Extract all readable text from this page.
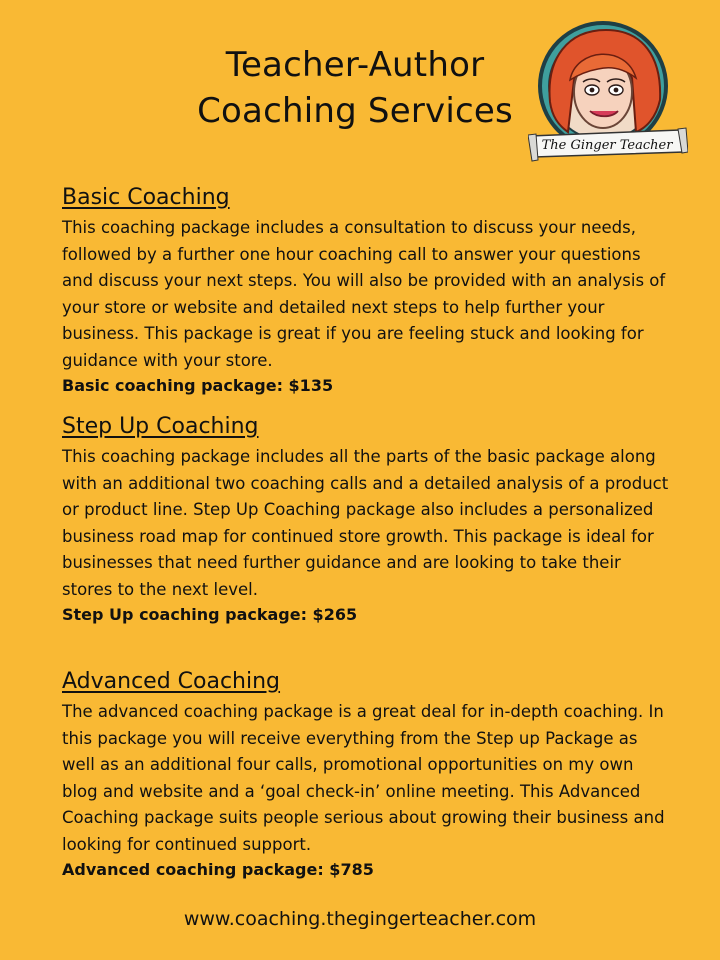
Teacher-Author
Coaching Services
The Ginger Teacher
Basic Coaching

This coaching package includes a consultation to discuss your needs, followed by a further one hour coaching call to answer your questions and discuss your next steps. You will also be provided with an analysis of your store or website and detailed next steps to help further your business. This package is great if you are feeling stuck and looking for guidance with your store.

Basic coaching package: $135

Step Up Coaching

This coaching package includes all the parts of the basic package along with an additional two coaching calls and a detailed analysis of a product or product line. Step Up Coaching package also includes a personalized business road map for continued store growth. This package is ideal for businesses that need further guidance and are looking to take their stores to the next level.

Step Up coaching package: $265

Advanced Coaching

The advanced coaching package is a great deal for in-depth coaching. In this package you will receive everything from the Step up Package as well as an additional four calls, promotional opportunities on my own blog and website and a ‘goal check-in’ online meeting. This Advanced Coaching package suits people serious about growing their business and looking for continued support.

Advanced coaching package: $785

www.coaching.thegingerteacher.com
